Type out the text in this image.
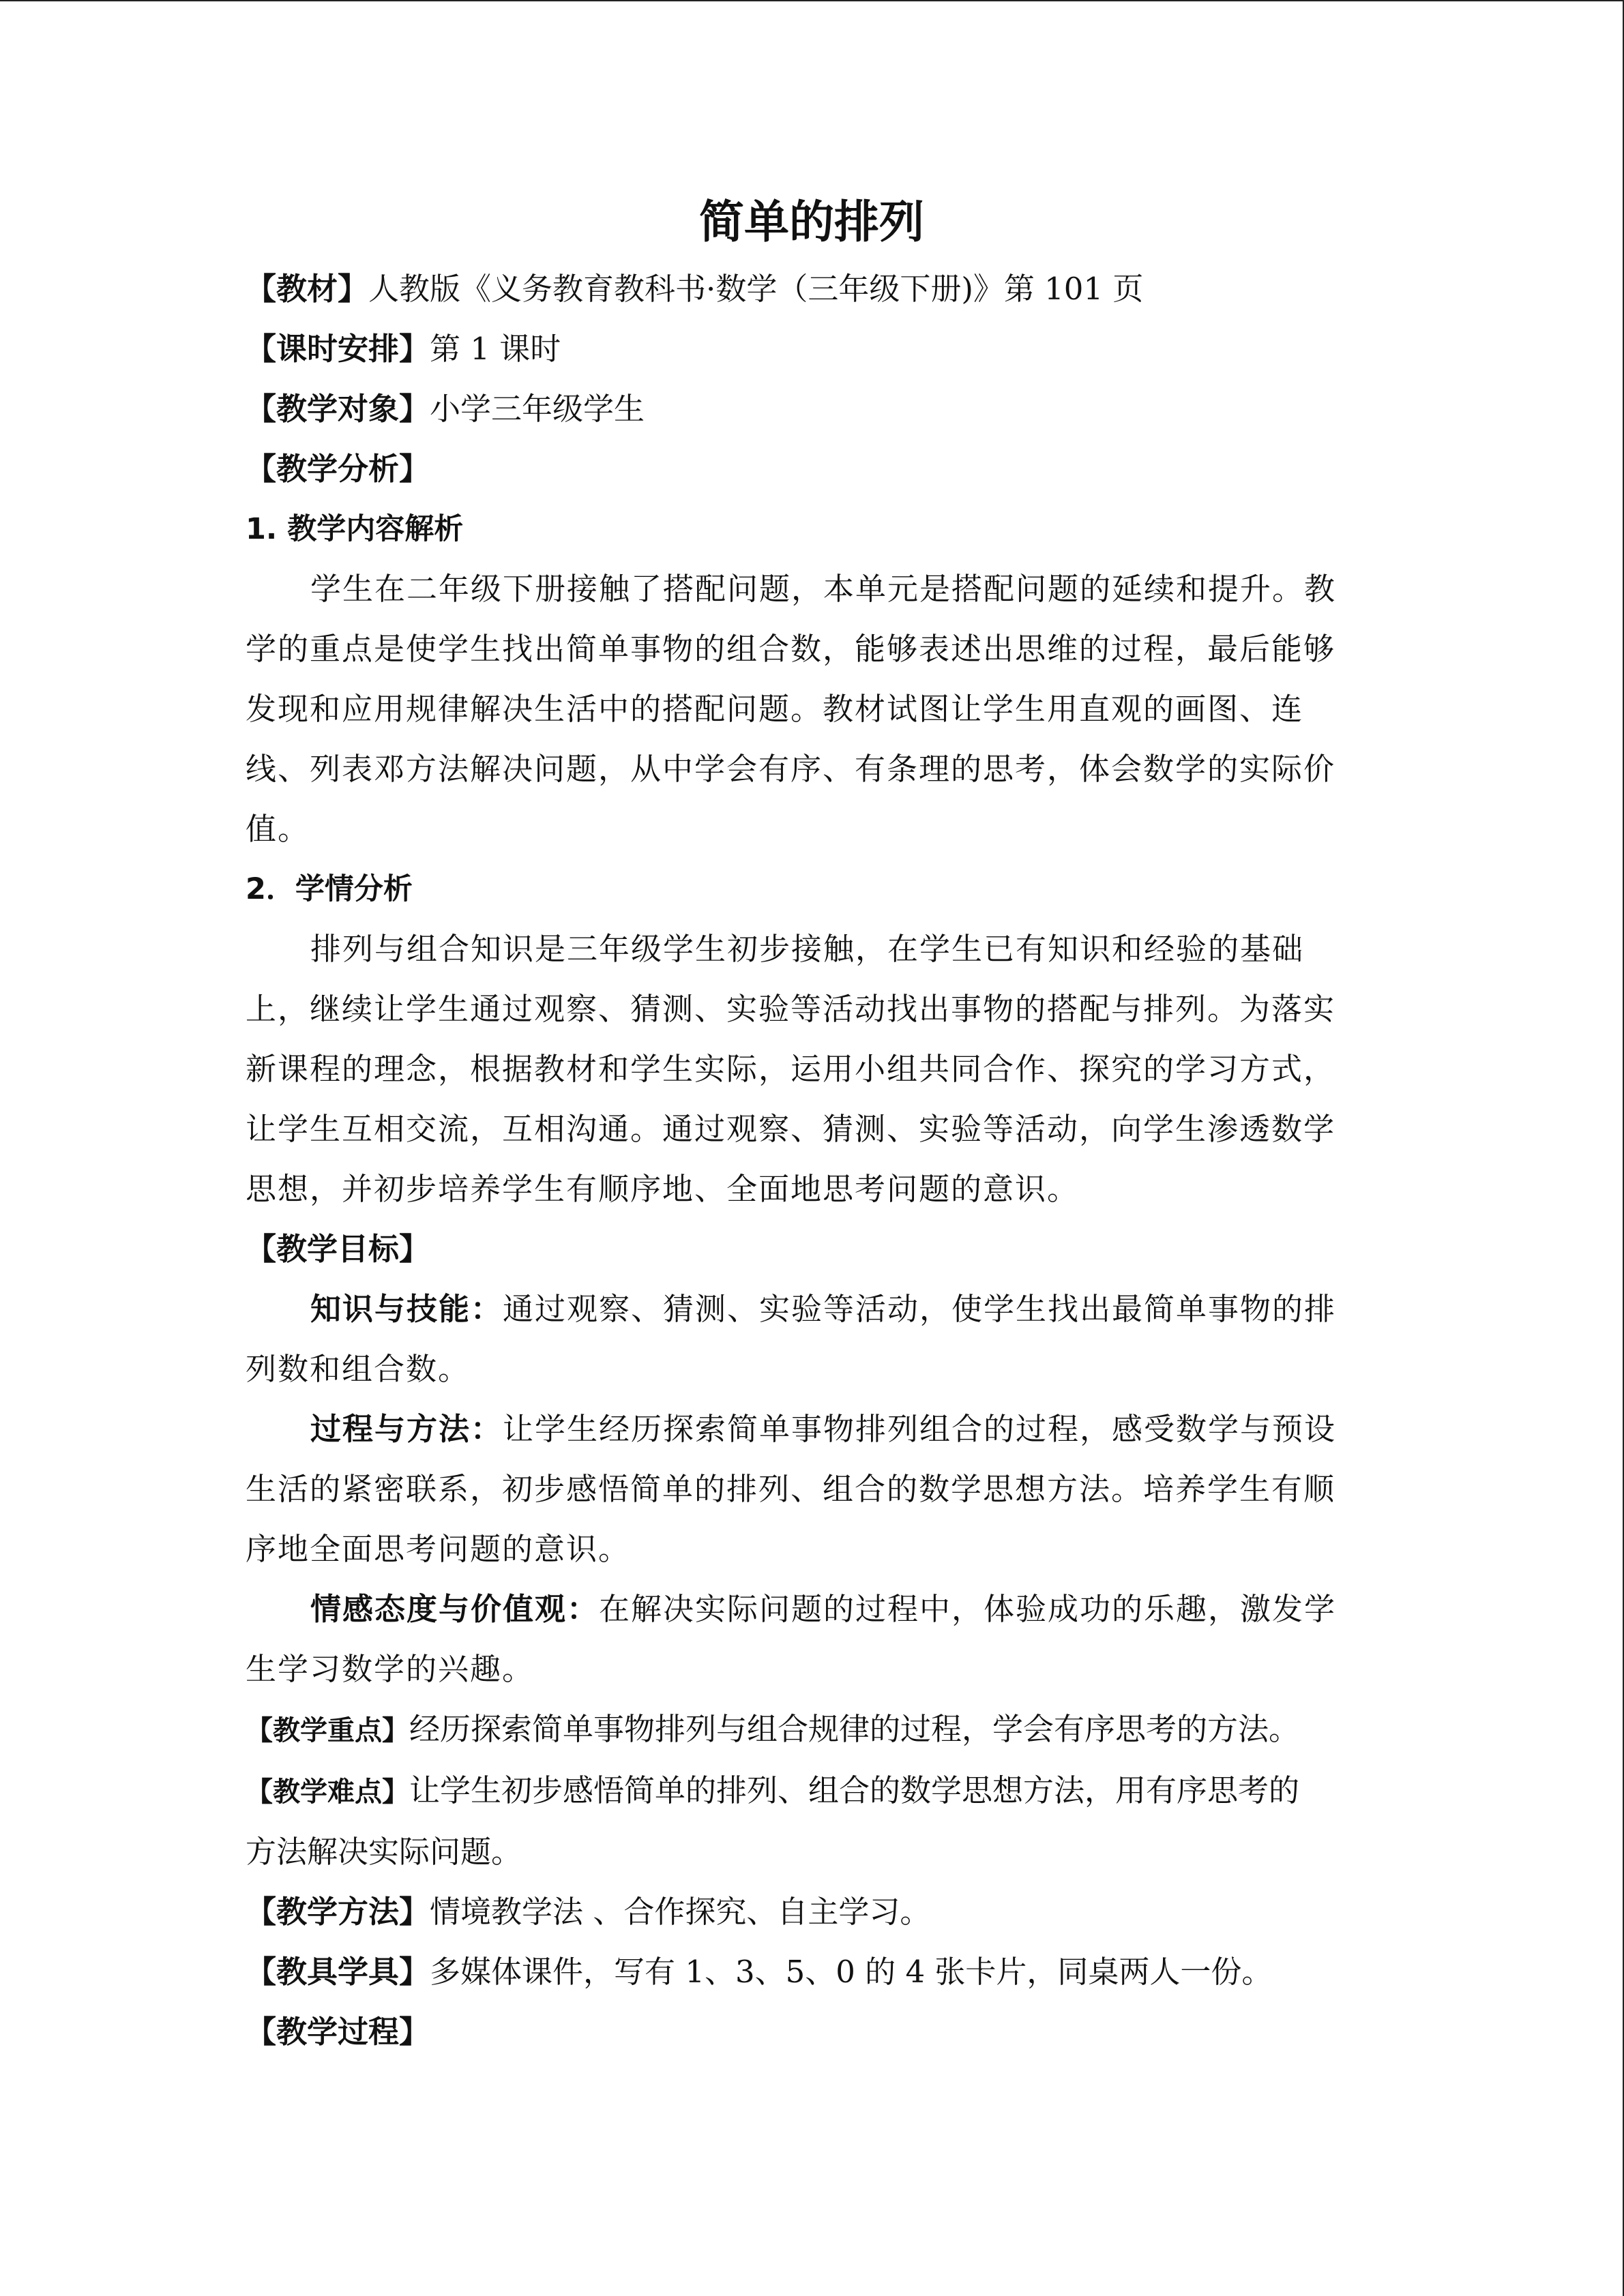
简单的排列

【教材】人教版《义务教育教科书·数学（三年级下册)》第 101 页

【课时安排】第 1 课时

【教学对象】小学三年级学生

【教学分析】

1. 教学内容解析

学生在二年级下册接触了搭配问题，本单元是搭配问题的延续和提升。教

学的重点是使学生找出简单事物的组合数，能够表述出思维的过程，最后能够

发现和应用规律解决生活中的搭配问题。教材试图让学生用直观的画图、连

线、列表邓方法解决问题，从中学会有序、有条理的思考，体会数学的实际价

值。

2．学情分析

排列与组合知识是三年级学生初步接触，在学生已有知识和经验的基础

上，继续让学生通过观察、猜测、实验等活动找出事物的搭配与排列。为落实

新课程的理念，根据教材和学生实际，运用小组共同合作、探究的学习方式，

让学生互相交流，互相沟通。通过观察、猜测、实验等活动，向学生渗透数学

思想，并初步培养学生有顺序地、全面地思考问题的意识。

【教学目标】

知识与技能：通过观察、猜测、实验等活动，使学生找出最简单事物的排

列数和组合数。

过程与方法：让学生经历探索简单事物排列组合的过程，感受数学与预设

生活的紧密联系，初步感悟简单的排列、组合的数学思想方法。培养学生有顺

序地全面思考问题的意识。

情感态度与价值观：在解决实际问题的过程中，体验成功的乐趣，激发学

生学习数学的兴趣。

【教学重点】经历探索简单事物排列与组合规律的过程，学会有序思考的方法。

【教学难点】让学生初步感悟简单的排列、组合的数学思想方法，用有序思考的

方法解决实际问题。

【教学方法】情境教学法 、合作探究、自主学习。

【教具学具】多媒体课件，写有 1、3、5、0 的 4 张卡片，同桌两人一份。

【教学过程】
